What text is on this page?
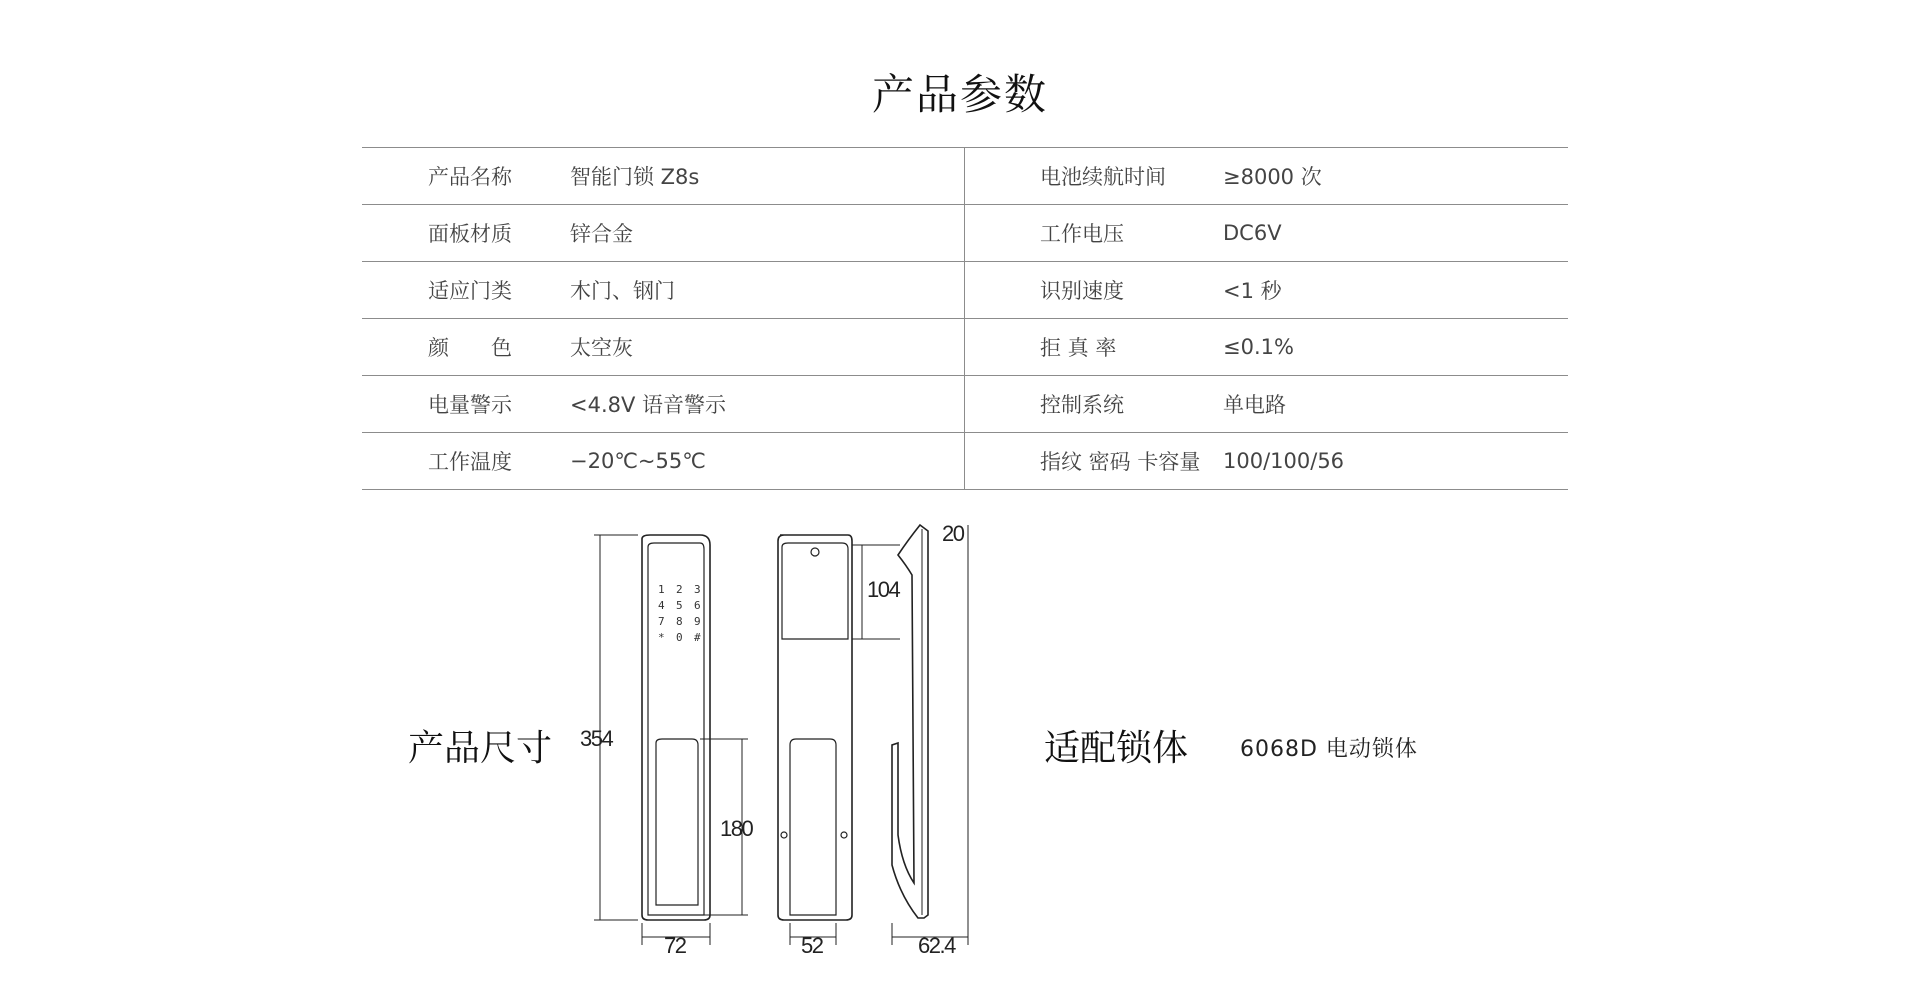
产品参数
产品名称	智能门锁 Z8s	电池续航时间	≥8000 次
面板材质	锌合金	工作电压	DC6V
适应门类	木门、钢门	识别速度	<1 秒
颜　　色	太空灰	拒 真 率	≤0.1%
电量警示	<4.8V 语音警示	控制系统	单电路
工作温度	−20℃~55℃	指纹 密码 卡容量 100/100/56
产品尺寸	适配锁体 6068D 电动锁体
1 2 3
4 5 6
7 8 9
* 0 #
354
180
104
72	52	62.4
20
